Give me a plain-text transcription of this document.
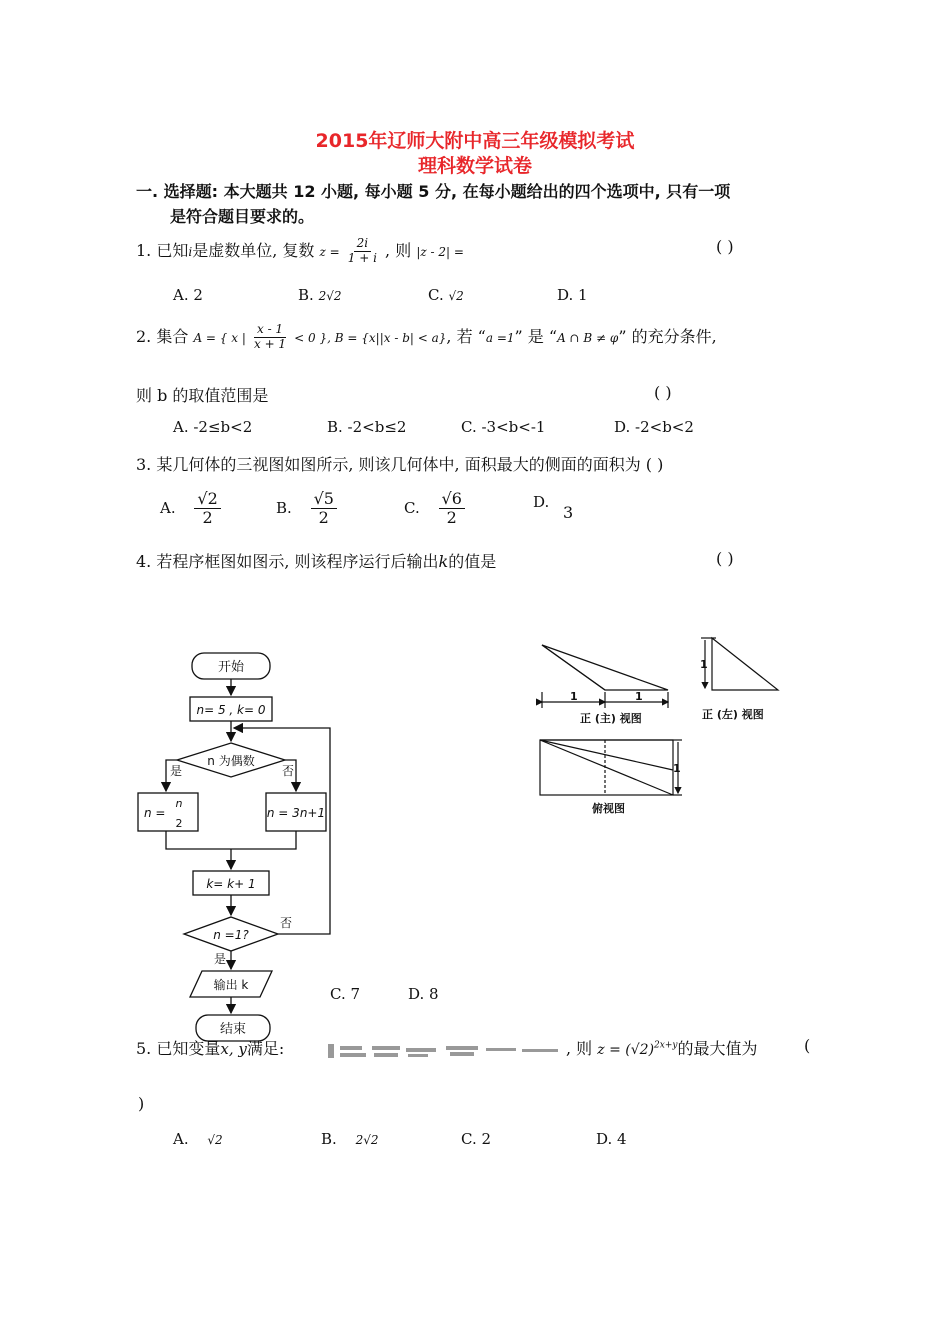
2015年辽师大附中高三年级模拟考试
理科数学试卷
一. 选择题: 本大题共 12 小题, 每小题 5 分, 在每小题给出的四个选项中, 只有一项
是符合题目要求的。
1. 已知i是虚数单位, 复数 $z = \frac{2i}{1 + i}$ , 则 |z - 2| =	( )
A. 2	B. 2√2	C. √2	D. 1
2. 集合 A = { x | $\frac{x - 1}{x + 1} < 0$ }, B = {x||x - b| < a}, 若 “a =1” 是 “A ∩ B ≠ φ” 的充分条件,
则 b 的取值范围是	( )
A. -2≤b<2	B. -2<b≤2	C. -3<b<-1	D. -2<b<2
3. 某几何体的三视图如图所示, 则该几何体中, 面积最大的侧面的面积为 ( )
A. $\frac{√2}{2}$	B. $\frac{√5}{2}$	C. $\frac{√6}{2}$	D.
3
4. 若程序框图如图示, 则该程序运行后输出k的值是	( )
开始
n= 5 , k= 0
n 为偶数
是	否
n =
n
2
n = 3n+1
k= k+ 1
n =1?
否
是
输出 k
结束
C. 7	D. 8
1	1
1
1
正 (主) 视图	正 (左) 视图
俯视图
5. 已知变量x, y满足:	, 则 $z = (√2)^{2x+y}$的最大值为	(
)
A. √2	B. 2√2	C. 2	D. 4
